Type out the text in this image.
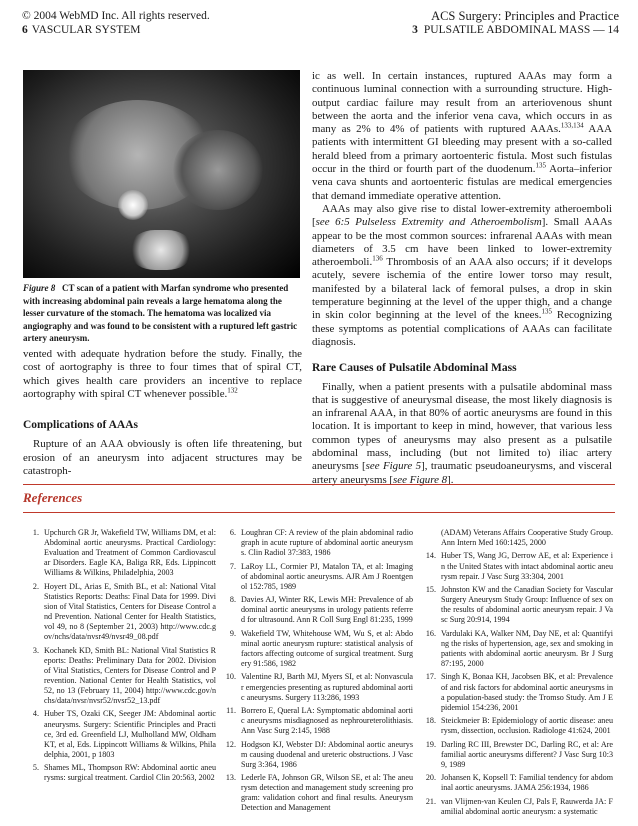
© 2004 WebMD Inc. All rights reserved.
6 VASCULAR SYSTEM
ACS Surgery: Principles and Practice
3 PULSATILE ABDOMINAL MASS — 14
Figure 8 CT scan of a patient with Marfan syndrome who presented with increasing abdominal pain reveals a large hematoma along the lesser curvature of the stomach. The hematoma was localized via angiography and was found to be consistent with a ruptured left gastric artery aneurysm.

vented with adequate hydration before the study. Finally, the cost of aortography is three to four times that of spiral CT, which gives health care providers an incentive to replace aortography with spiral CT whenever possible.$^{132}$

Complications of AAAs

Rupture of an AAA obviously is often life threatening, but erosion of an aneurysm into adjacent structures may be catastroph-

ic as well. In certain instances, ruptured AAAs may form a continuous luminal connection with a surrounding structure. High-output cardiac failure may result from an arteriovenous shunt between the aorta and the inferior vena cava, which occurs in as many as 2% to 4% of patients with ruptured AAAs.$^{133,134}$ AAA patients with intermittent GI bleeding may present with a so-called herald bleed from a primary aortoenteric fistula. Most such fistulas occur in the third or fourth part of the duodenum.$^{135}$ Aorta–inferior vena cava shunts and aortoenteric fistulas are medical emergencies that demand immediate operative attention.

AAAs may also give rise to distal lower-extremity atheroemboli [see 6:5 Pulseless Extremity and Atheroembolism]. Small AAAs appear to be the most common sources: infrarenal AAAs with mean diameters of 3.5 cm have been linked to lower-extremity atheroemboli.$^{136}$ Thrombosis of an AAA also occurs; if it develops acutely, severe ischemia of the entire lower torso may result, manifested by a bilateral lack of femoral pulses, a drop in skin temperature beginning at the level of the upper thigh, and a change in skin color beginning at the level of the knees.$^{135}$ Recognizing these symptoms as potential complications of AAAs can facilitate diagnosis.

Rare Causes of Pulsatile Abdominal Mass

Finally, when a patient presents with a pulsatile abdominal mass that is suggestive of aneurysmal disease, the most likely diagnosis is an infrarenal AAA, in that 80% of aortic aneurysms are found in this location. It is important to keep in mind, however, that various less common types of aneurysms may also present as a pulsatile abdominal mass, including (but not limited to) iliac artery aneurysms [see Figure 5], traumatic pseudoaneurysms, and visceral artery aneurysms [see Figure 8].

References
1. Upchurch GR Jr, Wakefield TW, Williams DM, et al: Abdominal aortic aneurysms. Practical Cardiology: Evaluation and Treatment of Common Cardiovascular Disorders. Eagle KA, Baliga RR, Eds. Lippincott Williams & Wilkins, Philadelphia, 2003
2. Hoyert DL, Arias E, Smith BL, et al: National Vital Statistics Reports: Deaths: Final Data for 1999. Division of Vital Statistics, Centers for Disease Control and Prevention. National Center for Health Statistics, vol 49, no 8 (September 21, 2003) http://www.cdc.gov/nchs/data/nvsr49/nvsr49_08.pdf
3. Kochanek KD, Smith BL: National Vital Statistics Reports: Deaths: Preliminary Data for 2002. Division of Vital Statistics, Centers for Disease Control and Prevention. National Center for Health Statistics, vol 52, no 13 (February 11, 2004) http://www.cdc.gov/nchs/data/nvsr/nvsr52/nvsr52_13.pdf
4. Huber TS, Ozaki CK, Seeger JM: Abdominal aortic aneurysms. Surgery: Scientific Principles and Practice, 3rd ed. Greenfield LJ, Mulholland MW, Oldham KT, et al, Eds. Lippincott Williams & Wilkins, Philadelphia, 2001, p 1803
5. Shames ML, Thompson RW: Abdominal aortic aneurysms: surgical treatment. Cardiol Clin 20:563, 2002
6. Loughran CF: A review of the plain abdominal radiograph in acute rupture of abdominal aortic aneurysms. Clin Radiol 37:383, 1986
7. LaRoy LL, Cormier PJ, Matalon TA, et al: Imaging of abdominal aortic aneurysms. AJR Am J Roentgenol 152:785, 1989
8. Davies AJ, Winter RK, Lewis MH: Prevalence of abdominal aortic aneurysms in urology patients referred for ultrasound. Ann R Coll Surg Engl 81:235, 1999
9. Wakefield TW, Whitehouse WM, Wu S, et al: Abdominal aortic aneurysm rupture: statistical analysis of factors affecting outcome of surgical treatment. Surgery 91:586, 1982
10. Valentine RJ, Barth MJ, Myers SI, et al: Nonvascular emergencies presenting as ruptured abdominal aortic aneurysms. Surgery 113:286, 1993
11. Borrero E, Queral LA: Symptomatic abdominal aortic aneurysms misdiagnosed as nephroureterolithiasis. Ann Vasc Surg 2:145, 1988
12. Hodgson KJ, Webster DJ: Abdominal aortic aneurysm causing duodenal and ureteric obstructions. J Vasc Surg 3:364, 1986
13. Lederle FA, Johnson GR, Wilson SE, et al: The aneurysm detection and management study screening program: validation cohort and final results. Aneurysm Detection and Management
(ADAM) Veterans Affairs Cooperative Study Group. Ann Intern Med 160:1425, 2000
14. Huber TS, Wang JG, Derrow AE, et al: Experience in the United States with intact abdominal aortic aneurysm repair. J Vasc Surg 33:304, 2001
15. Johnston KW and the Canadian Society for Vascular Surgery Aneurysm Study Group: Influence of sex on the results of abdominal aortic aneurysm repair. J Vasc Surg 20:914, 1994
16. Vardulaki KA, Walker NM, Day NE, et al: Quantifying the risks of hypertension, age, sex and smoking in patients with abdominal aortic aneurysm. Br J Surg 87:195, 2000
17. Singh K, Bonaa KH, Jacobsen BK, et al: Prevalence of and risk factors for abdominal aortic aneurysms in a population-based study: the Tromso Study. Am J Epidemiol 154:236, 2001
18. Steickmeier B: Epidemiology of aortic disease: aneurysm, dissection, occlusion. Radiologe 41:624, 2001
19. Darling RC III, Brewster DC, Darling RC, et al: Are familial aortic aneurysms different? J Vasc Surg 10:39, 1989
20. Johansen K, Kopsell T: Familial tendency for abdominal aortic aneurysms. JAMA 256:1934, 1986
21. van Vlijmen-van Keulen CJ, Pals F, Rauwerda JA: Familial abdominal aortic aneurysm: a systematic
